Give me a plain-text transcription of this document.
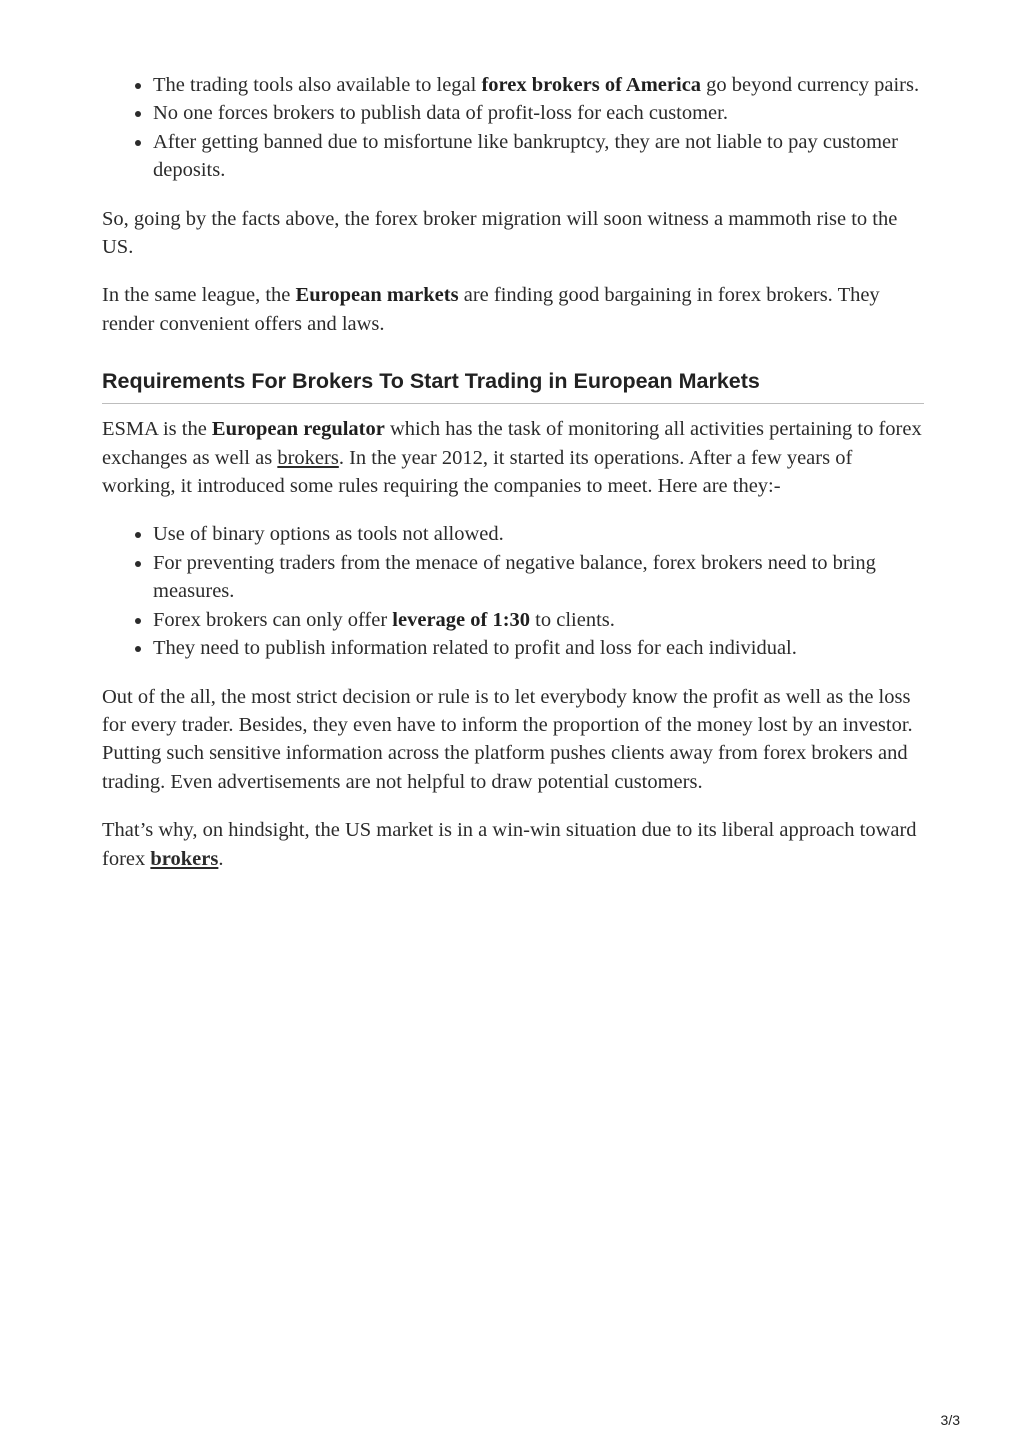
• The trading tools also available to legal forex brokers of America go beyond currency pairs.
• No one forces brokers to publish data of profit-loss for each customer.
• After getting banned due to misfortune like bankruptcy, they are not liable to pay customer deposits.

So, going by the facts above, the forex broker migration will soon witness a mammoth rise to the US.

In the same league, the European markets are finding good bargaining in forex brokers. They render convenient offers and laws.

Requirements For Brokers To Start Trading in European Markets

ESMA is the European regulator which has the task of monitoring all activities pertaining to forex exchanges as well as brokers. In the year 2012, it started its operations. After a few years of working, it introduced some rules requiring the companies to meet. Here are they:-

• Use of binary options as tools not allowed.
• For preventing traders from the menace of negative balance, forex brokers need to bring measures.
• Forex brokers can only offer leverage of 1:30 to clients.
• They need to publish information related to profit and loss for each individual.

Out of the all, the most strict decision or rule is to let everybody know the profit as well as the loss for every trader. Besides, they even have to inform the proportion of the money lost by an investor. Putting such sensitive information across the platform pushes clients away from forex brokers and trading. Even advertisements are not helpful to draw potential customers.

That’s why, on hindsight, the US market is in a win-win situation due to its liberal approach toward forex brokers.

3/3
